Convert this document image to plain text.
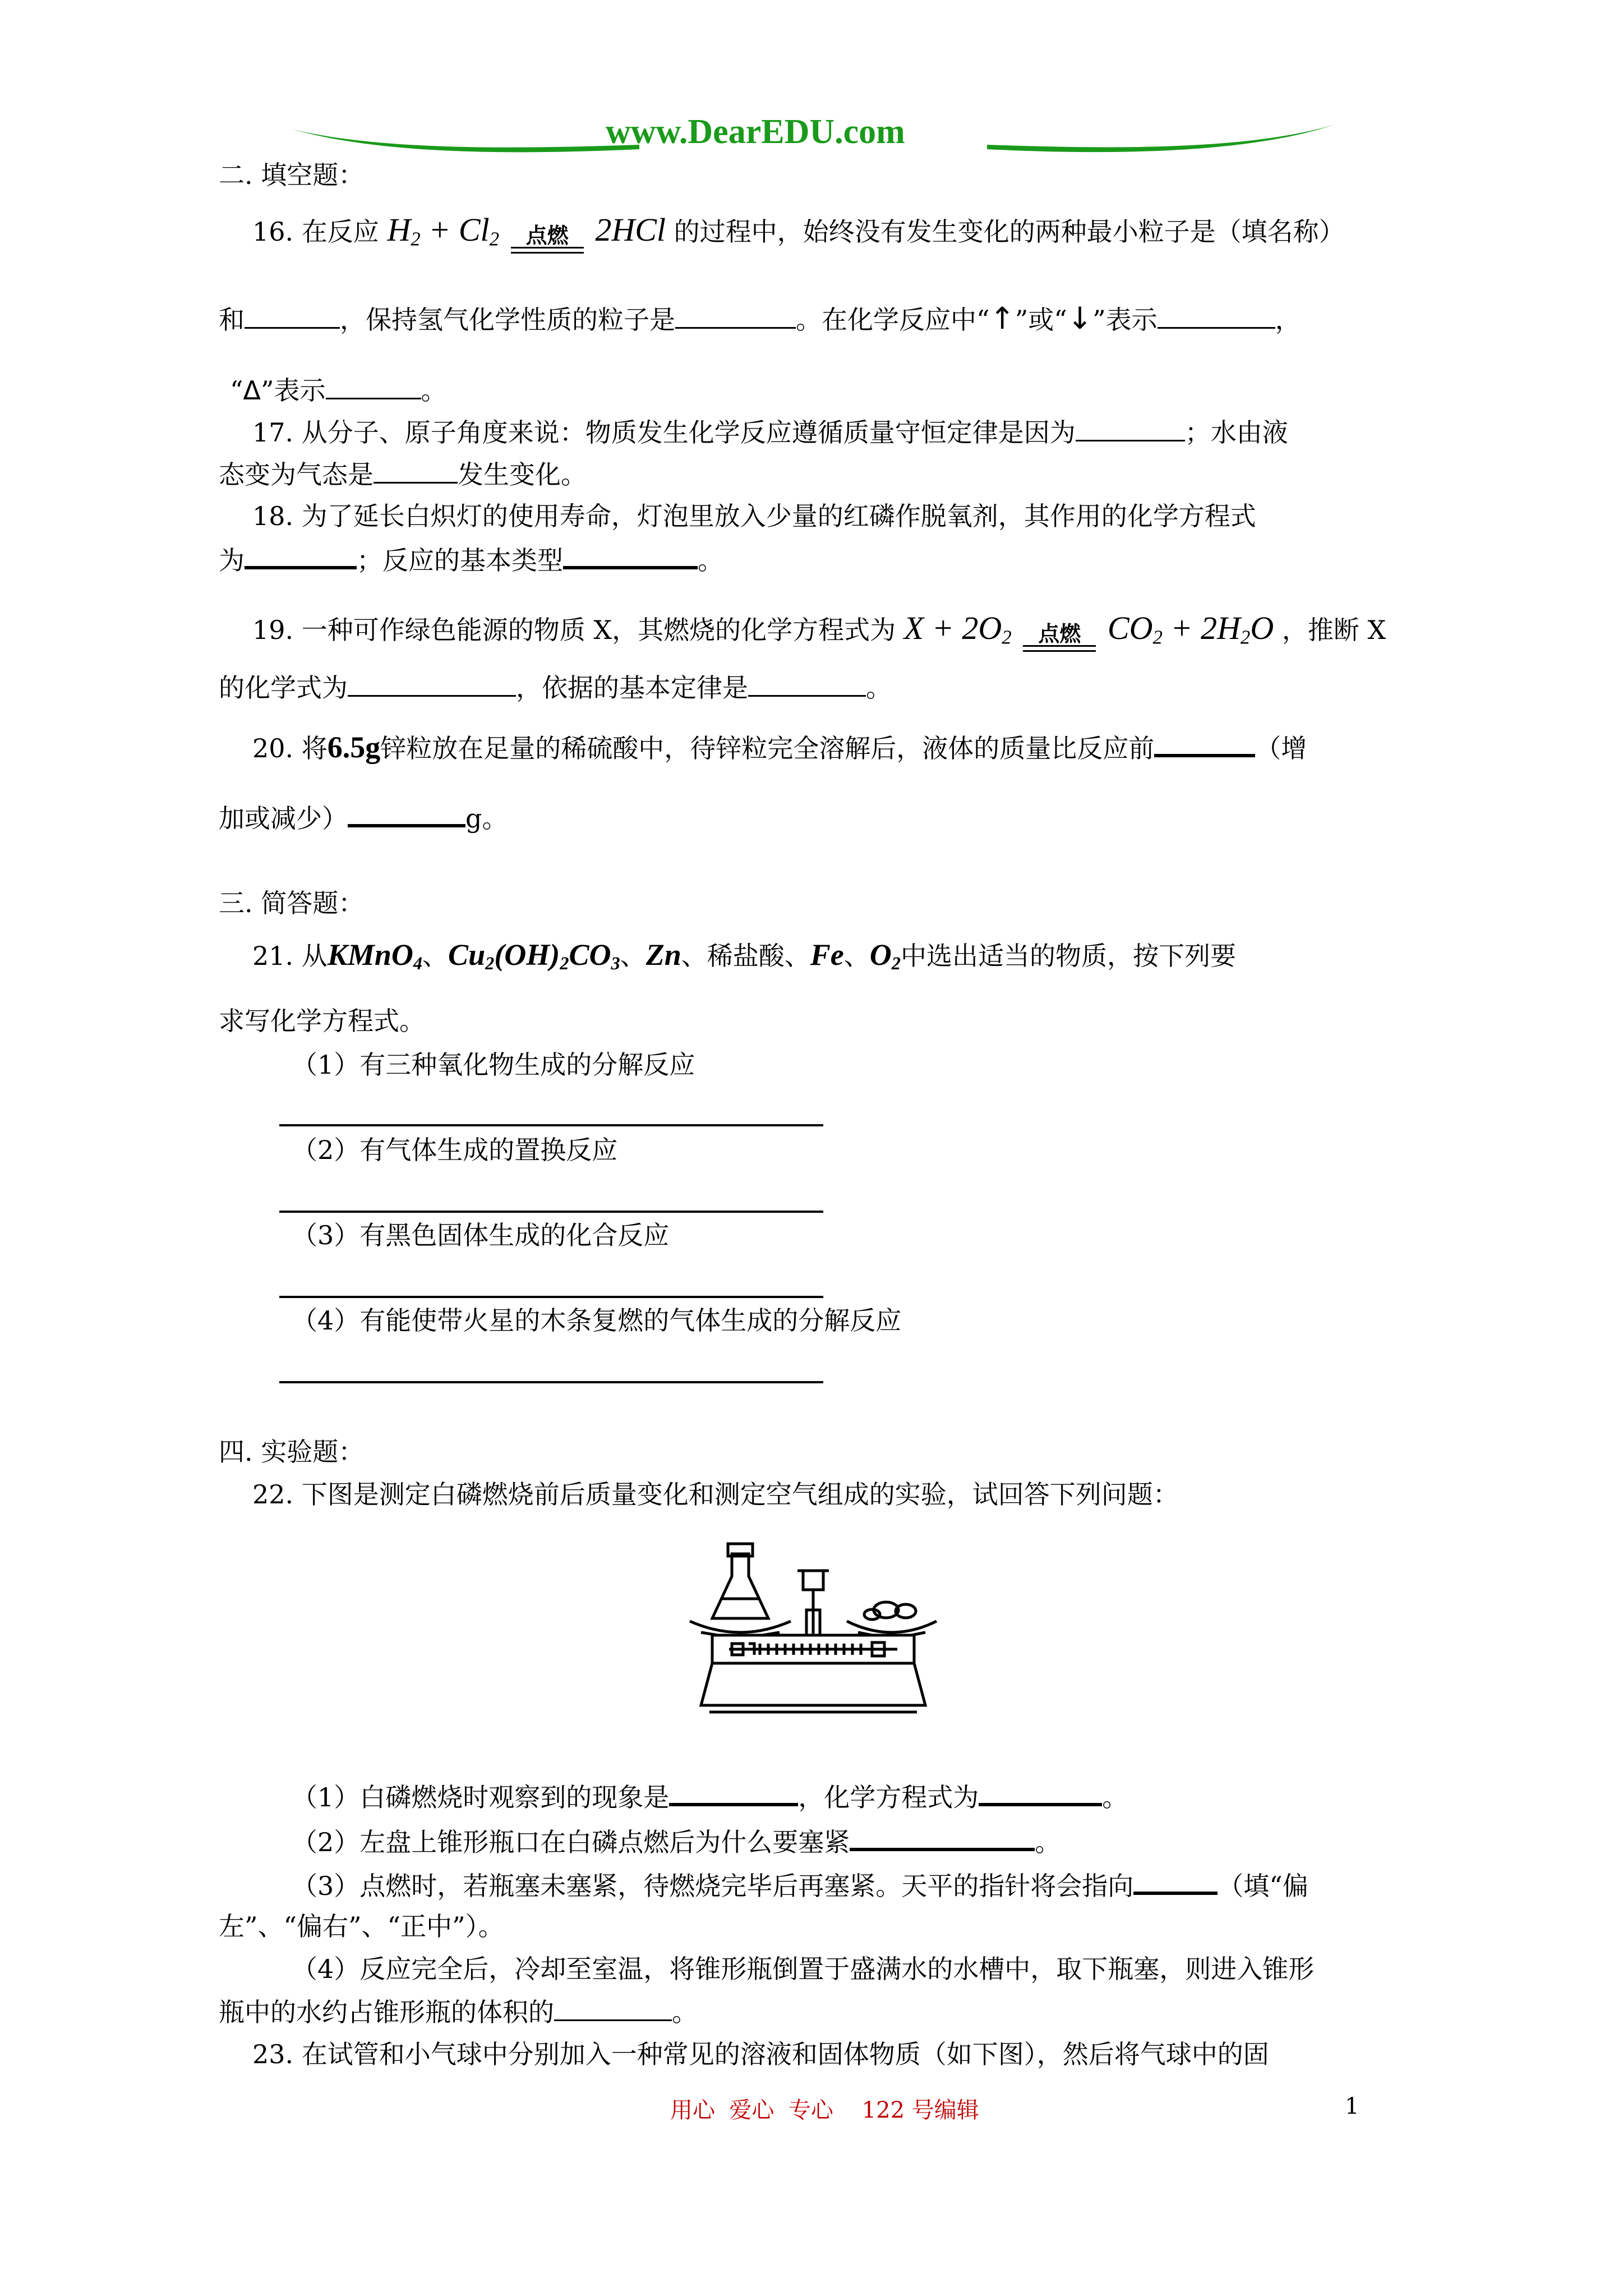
www.DearEDU.com
二. 填空题：
16. 在反应 $H_2 + Cl_2$ 点燃 2HCl 的过程中，始终没有发生变化的两种最小粒子是（填名称）
和	，保持氢气化学性质的粒子是	。在化学反应中“↑”或“↓”表示	，
“Δ”表示	。
17. 从分子、原子角度来说：物质发生化学反应遵循质量守恒定律是因为	；水由液
态变为气态是	发生变化。
18. 为了延长白炽灯的使用寿命，灯泡里放入少量的红磷作脱氧剂，其作用的化学方程式
为	；反应的基本类型	。
19. 一种可作绿色能源的物质 X，其燃烧的化学方程式为 $X + 2O_2$ 点燃 $CO_2 + 2H_2O$ ，推断 X
的化学式为	，依据的基本定律是	。
20. 将6.5g锌粒放在足量的稀硫酸中，待锌粒完全溶解后，液体的质量比反应前	（增
加或减少）	g。
三. 简答题：
21. 从KMnO$_4$、$Cu_2(OH)_2CO_3$、Zn、稀盐酸、Fe、$O_2$中选出适当的物质，按下列要
求写化学方程式。
（1）有三种氧化物生成的分解反应
（2）有气体生成的置换反应
（3）有黑色固体生成的化合反应
（4）有能使带火星的木条复燃的气体生成的分解反应
四. 实验题：
22. 下图是测定白磷燃烧前后质量变化和测定空气组成的实验，试回答下列问题：
（1）白磷燃烧时观察到的现象是	，化学方程式为	。
（2）左盘上锥形瓶口在白磷点燃后为什么要塞紧	。
（3）点燃时，若瓶塞未塞紧，待燃烧完毕后再塞紧。天平的指针将会指向	（填“偏
左”、“偏右”、“正中”）。
（4）反应完全后，冷却至室温，将锥形瓶倒置于盛满水的水槽中，取下瓶塞，则进入锥形
瓶中的水约占锥形瓶的体积的	。
23. 在试管和小气球中分别加入一种常见的溶液和固体物质（如下图），然后将气球中的固
用心  爱心  专心    122 号编辑	1
